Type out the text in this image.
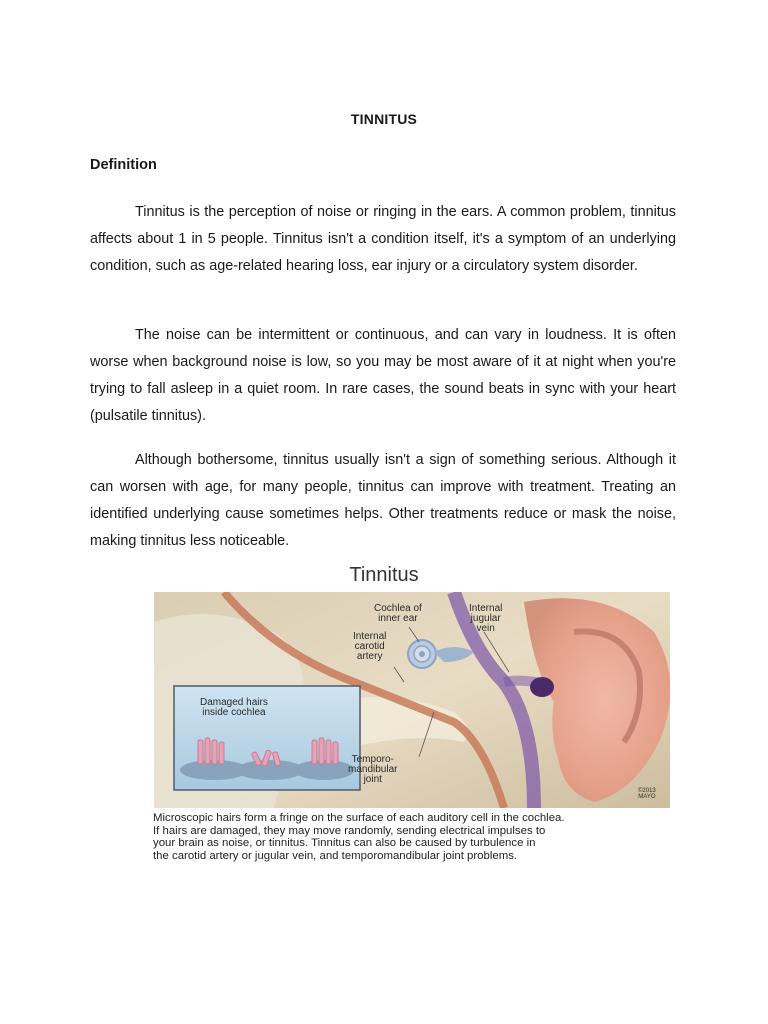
TINNITUS
Definition
Tinnitus is the perception of noise or ringing in the ears. A common problem, tinnitus affects about 1 in 5 people. Tinnitus isn't a condition itself, it's a symptom of an underlying condition, such as age-related hearing loss, ear injury or a circulatory system disorder.
The noise can be intermittent or continuous, and can vary in loudness. It is often worse when background noise is low, so you may be most aware of it at night when you're trying to fall asleep in a quiet room. In rare cases, the sound beats in sync with your heart (pulsatile tinnitus).
Although bothersome, tinnitus usually isn't a sign of something serious. Although it can worsen with age, for many people, tinnitus can improve with treatment. Treating an identified underlying cause sometimes helps. Other treatments reduce or mask the noise, making tinnitus less noticeable.
Tinnitus
Cochlea of
inner ear
Internal
jugular
vein
Internal
carotid
artery
Damaged hairs
inside cochlea
Temporo-
mandibular
joint
©2013
MAYO
Microscopic hairs form a fringe on the surface of each auditory cell in the cochlea.
If hairs are damaged, they may move randomly, sending electrical impulses to
your brain as noise, or tinnitus. Tinnitus can also be caused by turbulence in
the carotid artery or jugular vein, and temporomandibular joint problems.
